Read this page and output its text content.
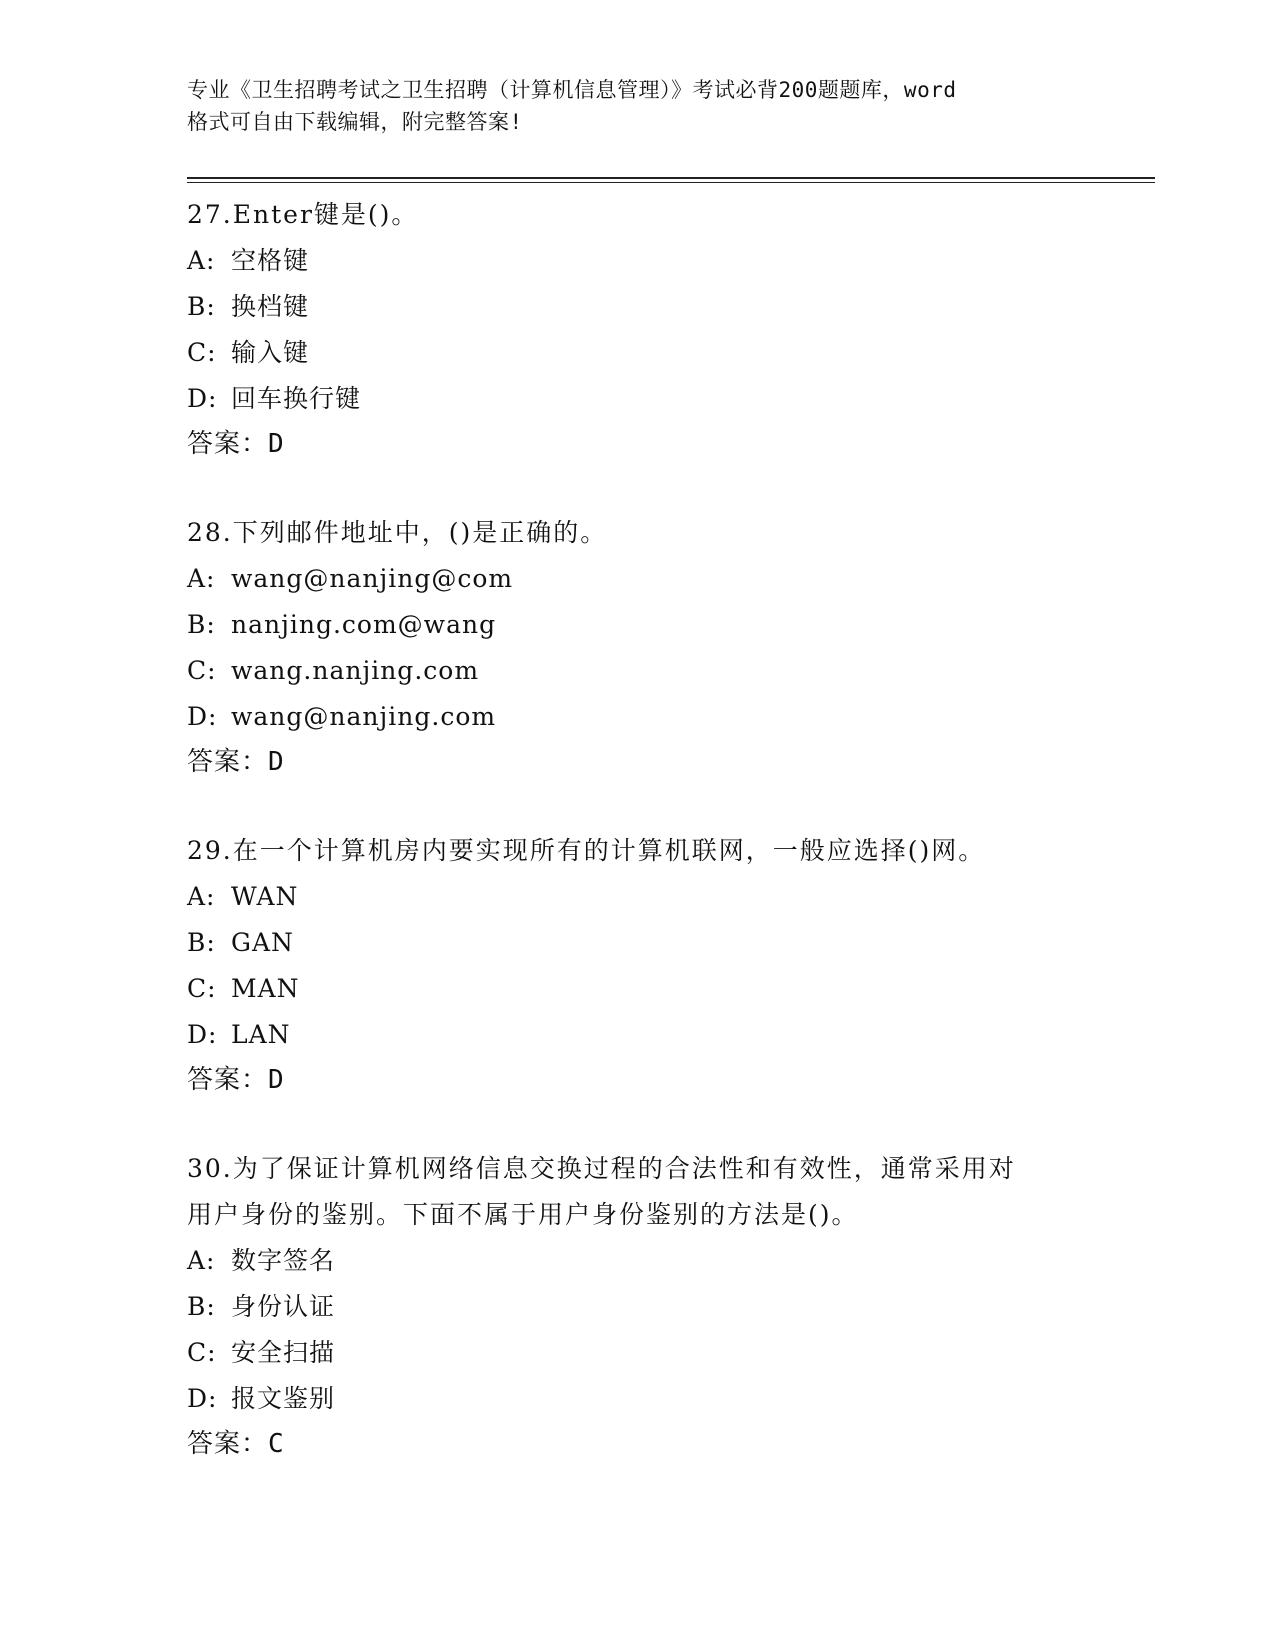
专业《卫生招聘考试之卫生招聘（计算机信息管理）》考试必背200题题库，word
格式可自由下载编辑，附完整答案!
27.Enter键是()。
A: 空格键
B: 换档键
C: 输入键
D: 回车换行键
答案：D
28.下列邮件地址中，()是正确的。
A: wang@nanjing@com
B: nanjing.com@wang
C: wang.nanjing.com
D: wang@nanjing.com
答案：D
29.在一个计算机房内要实现所有的计算机联网，一般应选择()网。
A: WAN
B: GAN
C: MAN
D: LAN
答案：D
30.为了保证计算机网络信息交换过程的合法性和有效性，通常采用对
用户身份的鉴别。下面不属于用户身份鉴别的方法是()。
A: 数字签名
B: 身份认证
C: 安全扫描
D: 报文鉴别
答案：C
